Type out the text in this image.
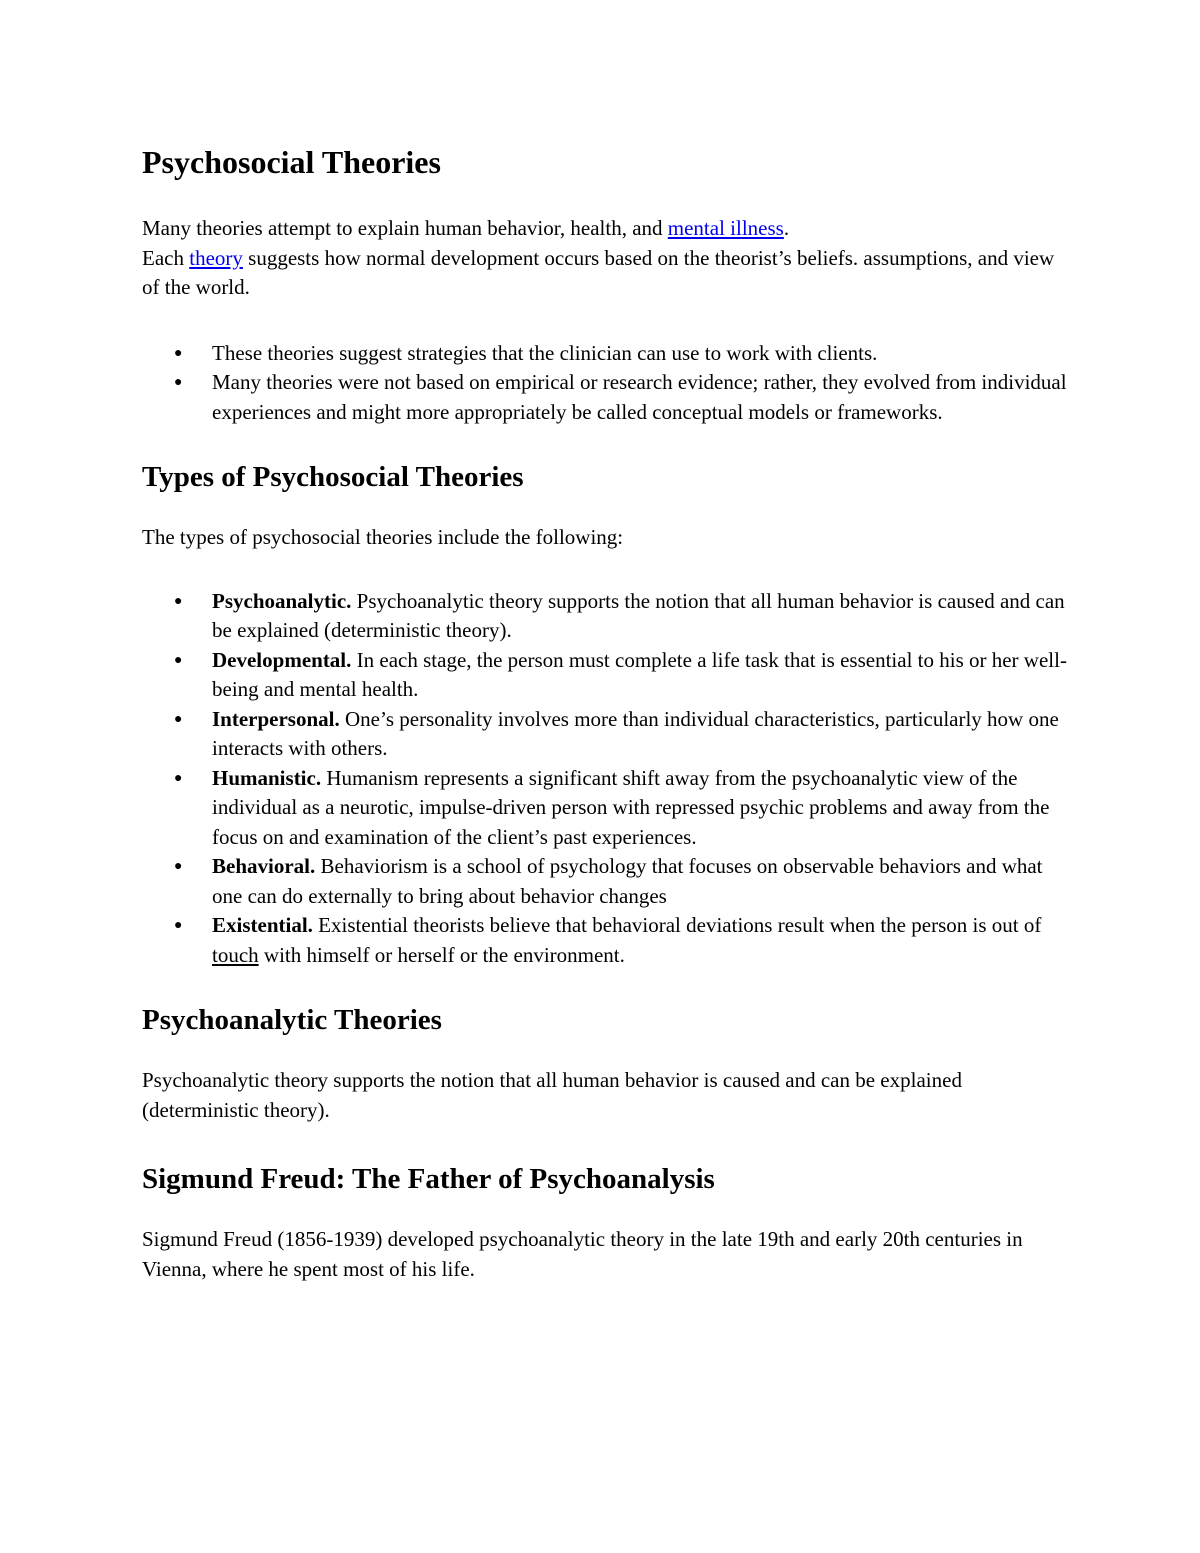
Psychosocial Theories

Many theories attempt to explain human behavior, health, and mental illness.
Each theory suggests how normal development occurs based on the theorist’s beliefs. assumptions, and view of the world.

● These theories suggest strategies that the clinician can use to work with clients.
● Many theories were not based on empirical or research evidence; rather, they evolved from individual experiences and might more appropriately be called conceptual models or frameworks.
Types of Psychosocial Theories

The types of psychosocial theories include the following:

● Psychoanalytic. Psychoanalytic theory supports the notion that all human behavior is caused and can be explained (deterministic theory).
● Developmental. In each stage, the person must complete a life task that is essential to his or her well-being and mental health.
● Interpersonal. One’s personality involves more than individual characteristics, particularly how one interacts with others.
● Humanistic. Humanism represents a significant shift away from the psychoanalytic view of the individual as a neurotic, impulse-driven person with repressed psychic problems and away from the focus on and examination of the client’s past experiences.
● Behavioral. Behaviorism is a school of psychology that focuses on observable behaviors and what one can do externally to bring about behavior changes
● Existential. Existential theorists believe that behavioral deviations result when the person is out of touch with himself or herself or the environment.
Psychoanalytic Theories

Psychoanalytic theory supports the notion that all human behavior is caused and can be explained (deterministic theory).

Sigmund Freud: The Father of Psychoanalysis

Sigmund Freud (1856-1939) developed psychoanalytic theory in the late 19th and early 20th centuries in Vienna, where he spent most of his life.
